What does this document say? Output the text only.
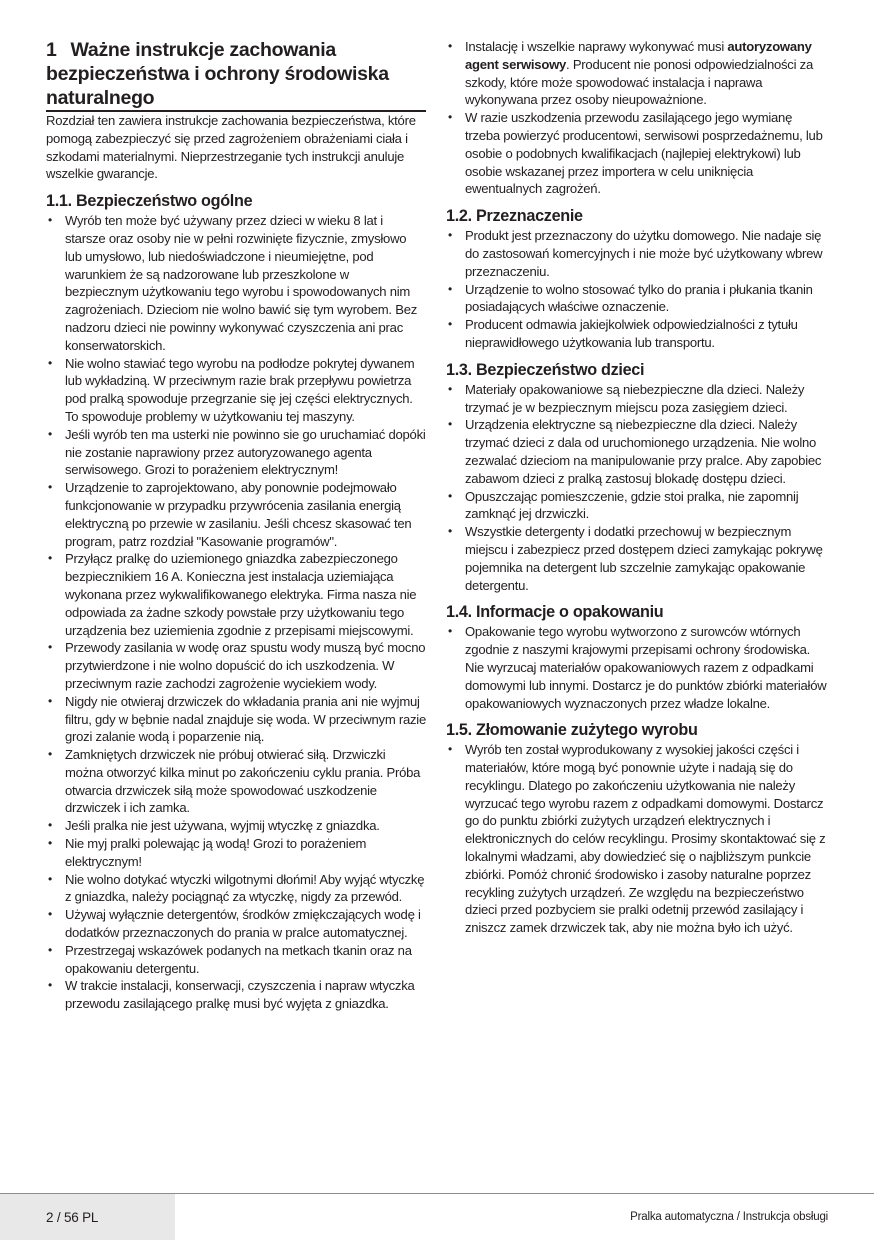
1 Ważne instrukcje zachowania
bezpieczeństwa i ochrony środowiska
naturalnego

Rozdział ten zawiera instrukcje zachowania bezpieczeństwa, które pomogą zabezpieczyć się przed zagrożeniem obrażeniami ciała i szkodami materialnymi. Nieprzestrzeganie tych instrukcji anuluje wszelkie gwarancje.

1.1. Bezpieczeństwo ogólne
• Wyrób ten może być używany przez dzieci w wieku 8 lat i starsze oraz osoby nie w pełni rozwinięte fizycznie, zmysłowo lub umysłowo, lub niedoświadczone i nieumiejętne, pod warunkiem że są nadzorowane lub przeszkolone w bezpiecznym użytkowaniu tego wyrobu i spowodowanych nim zagrożeniach. Dzieciom nie wolno bawić się tym wyrobem. Bez nadzoru dzieci nie powinny wykonywać czyszczenia ani prac konserwatorskich.
• Nie wolno stawiać tego wyrobu na podłodze pokrytej dywanem lub wykładziną. W przeciwnym razie brak przepływu powietrza pod pralką spowoduje przegrzanie się jej części elektrycznych. To spowoduje problemy w użytkowaniu tej maszyny.
• Jeśli wyrób ten ma usterki nie powinno sie go uruchamiać dopóki nie zostanie naprawiony przez autoryzowanego agenta serwisowego. Grozi to porażeniem elektrycznym!
• Urządzenie to zaprojektowano, aby ponownie podejmowało funkcjonowanie w przypadku przywrócenia zasilania energią elektryczną po przewie w zasilaniu. Jeśli chcesz skasować ten program, patrz rozdział "Kasowanie programów".
• Przyłącz pralkę do uziemionego gniazdka zabezpieczonego bezpiecznikiem 16 A. Konieczna jest instalacja uziemiająca wykonana przez wykwalifikowanego elektryka. Firma nasza nie odpowiada za żadne szkody powstałe przy użytkowaniu tego urządzenia bez uziemienia zgodnie z przepisami miejscowymi.
• Przewody zasilania w wodę oraz spustu wody muszą być mocno przytwierdzone i nie wolno dopuścić do ich uszkodzenia. W przeciwnym razie zachodzi zagrożenie wyciekiem wody.
• Nigdy nie otwieraj drzwiczek do wkładania prania ani nie wyjmuj filtru, gdy w bębnie nadal znajduje się woda. W przeciwnym razie grozi zalanie wodą i poparzenie nią.
• Zamkniętych drzwiczek nie próbuj otwierać siłą. Drzwiczki można otworzyć kilka minut po zakończeniu cyklu prania. Próba otwarcia drzwiczek siłą może spowodować uszkodzenie drzwiczek i ich zamka.
• Jeśli pralka nie jest używana, wyjmij wtyczkę z gniazdka.
• Nie myj pralki polewając ją wodą! Grozi to porażeniem elektrycznym!
• Nie wolno dotykać wtyczki wilgotnymi dłońmi! Aby wyjąć wtyczkę z gniazdka, należy pociągnąć za wtyczkę, nigdy za przewód.
• Używaj wyłącznie detergentów, środków zmiękczających wodę i dodatków przeznaczonych do prania w pralce automatycznej.
• Przestrzegaj wskazówek podanych na metkach tkanin oraz na opakowaniu detergentu.
• W trakcie instalacji, konserwacji, czyszczenia i napraw wtyczka przewodu zasilającego pralkę musi być wyjęta z gniazdka.
• Instalację i wszelkie naprawy wykonywać musi autoryzowany agent serwisowy. Producent nie ponosi odpowiedzialności za szkody, które może spowodować instalacja i naprawa wykonywana przez osoby nieupoważnione.
• W razie uszkodzenia przewodu zasilającego jego wymianę trzeba powierzyć producentowi, serwisowi posprzedażnemu, lub osobie o podobnych kwalifikacjach (najlepiej elektrykowi) lub osobie wskazanej przez importera w celu uniknięcia ewentualnych zagrożeń.
1.2. Przeznaczenie
• Produkt jest przeznaczony do użytku domowego. Nie nadaje się do zastosowań komercyjnych i nie może być użytkowany wbrew przeznaczeniu.
• Urządzenie to wolno stosować tylko do prania i płukania tkanin posiadających właściwe oznaczenie.
• Producent odmawia jakiejkolwiek odpowiedzialności z tytułu nieprawidłowego użytkowania lub transportu.
1.3. Bezpieczeństwo dzieci
• Materiały opakowaniowe są niebezpieczne dla dzieci. Należy trzymać je w bezpiecznym miejscu poza zasięgiem dzieci.
• Urządzenia elektryczne są niebezpieczne dla dzieci. Należy trzymać dzieci z dala od uruchomionego urządzenia. Nie wolno zezwalać dzieciom na manipulowanie przy pralce. Aby zapobiec zabawom dzieci z pralką zastosuj blokadę dostępu dzieci.
• Opuszczając pomieszczenie, gdzie stoi pralka, nie zapomnij zamknąć jej drzwiczki.
• Wszystkie detergenty i dodatki przechowuj w bezpiecznym miejscu i zabezpiecz przed dostępem dzieci zamykając pokrywę pojemnika na detergent lub szczelnie zamykając opakowanie detergentu.
1.4. Informacje o opakowaniu
• Opakowanie tego wyrobu wytworzono z surowców wtórnych zgodnie z naszymi krajowymi przepisami ochrony środowiska. Nie wyrzucaj materiałów opakowaniowych razem z odpadkami domowymi lub innymi. Dostarcz je do punktów zbiórki materiałów opakowaniowych wyznaczonych przez władze lokalne.
1.5. Złomowanie zużytego wyrobu
• Wyrób ten został wyprodukowany z wysokiej jakości części i materiałów, które mogą być ponownie użyte i nadają się do recyklingu. Dlatego po zakończeniu użytkowania nie należy wyrzucać tego wyrobu razem z odpadkami domowymi. Dostarcz go do punktu zbiórki zużytych urządzeń elektrycznych i elektronicznych do celów recyklingu. Prosimy skontaktować się z lokalnymi władzami, aby dowiedzieć się o najbliższym punkcie zbiórki. Pomóż chronić środowisko i zasoby naturalne poprzez recykling zużytych urządzeń. Ze względu na bezpieczeństwo dzieci przed pozbyciem sie pralki odetnij przewód zasilający i zniszcz zamek drzwiczek tak, aby nie można było ich użyć.
2 / 56 PL	Pralka automatyczna / Instrukcja obsługi
